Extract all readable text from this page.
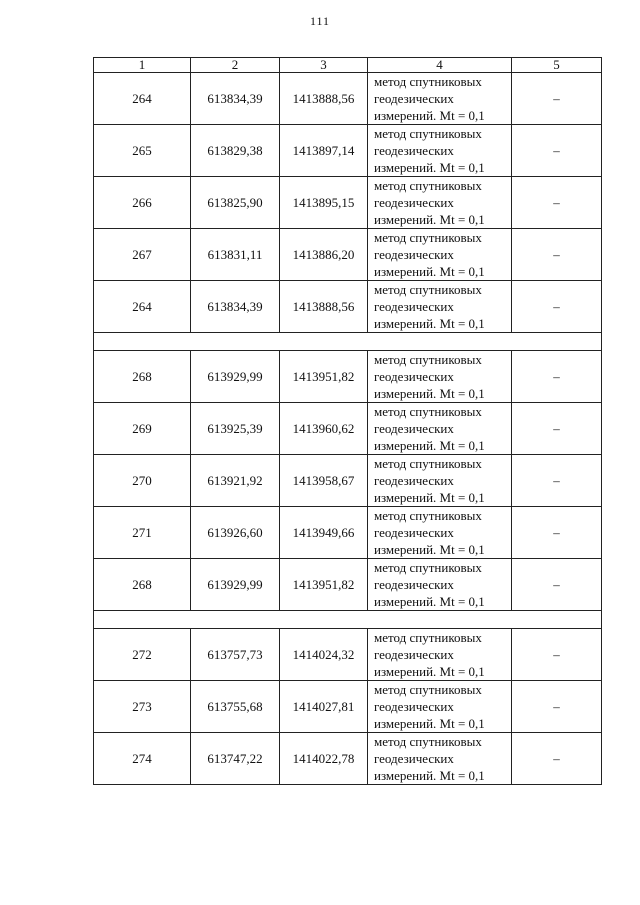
111
1	2	3	4	5
264	613834,39	1413888,56	метод спутниковых
геодезических
измерений. Mt = 0,1	–
265	613829,38	1413897,14	метод спутниковых
геодезических
измерений. Mt = 0,1	–
266	613825,90	1413895,15	метод спутниковых
геодезических
измерений. Mt = 0,1	–
267	613831,11	1413886,20	метод спутниковых
геодезических
измерений. Mt = 0,1	–
264	613834,39	1413888,56	метод спутниковых
геодезических
измерений. Mt = 0,1	–

268	613929,99	1413951,82	метод спутниковых
геодезических
измерений. Mt = 0,1	–
269	613925,39	1413960,62	метод спутниковых
геодезических
измерений. Mt = 0,1	–
270	613921,92	1413958,67	метод спутниковых
геодезических
измерений. Mt = 0,1	–
271	613926,60	1413949,66	метод спутниковых
геодезических
измерений. Mt = 0,1	–
268	613929,99	1413951,82	метод спутниковых
геодезических
измерений. Mt = 0,1	–

272	613757,73	1414024,32	метод спутниковых
геодезических
измерений. Mt = 0,1	–
273	613755,68	1414027,81	метод спутниковых
геодезических
измерений. Mt = 0,1	–
274	613747,22	1414022,78	метод спутниковых
геодезических
измерений. Mt = 0,1	–
